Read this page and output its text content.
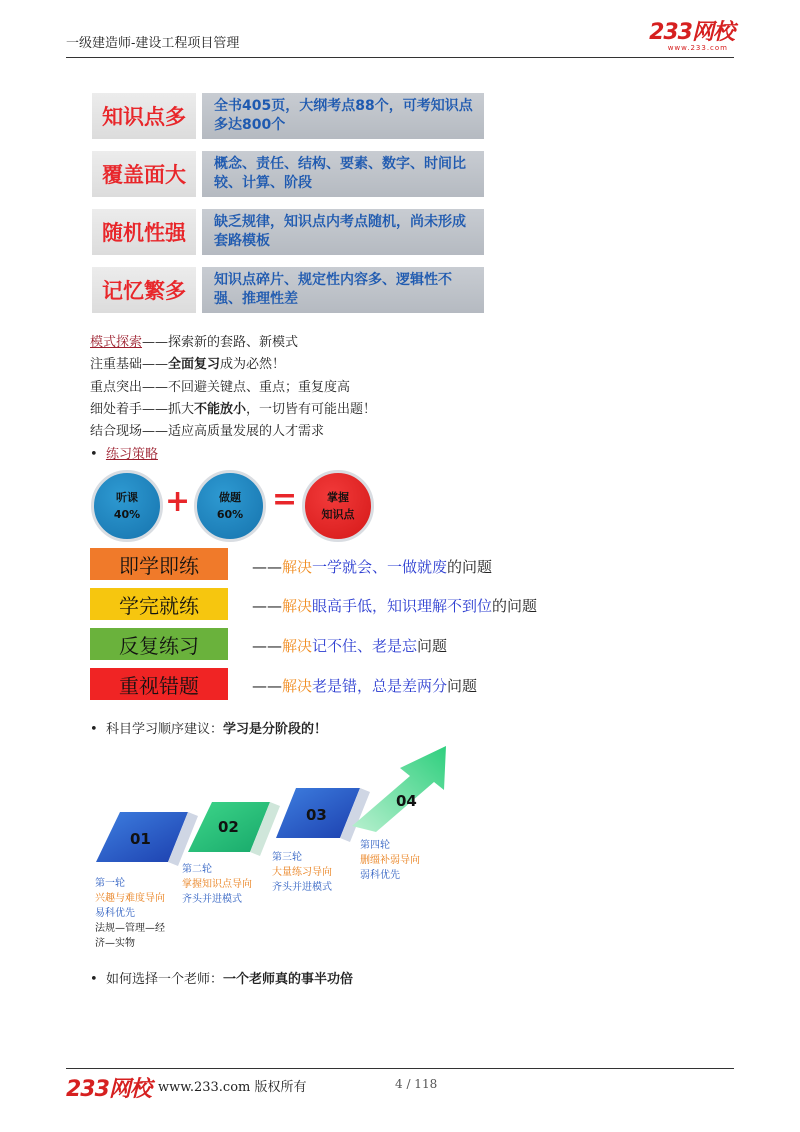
一级建造师-建设工程项目管理	233网校
www.233.com
知识点多	全书405页，大纲考点88个，可考知识点多达800个
覆盖面大	概念、责任、结构、要素、数字、时间比较、计算、阶段
随机性强	缺乏规律，知识点内考点随机，尚未形成套路模板
记忆繁多	知识点碎片、规定性内容多、逻辑性不强、推理性差
模式探索——探索新的套路、新模式
注重基础——全面复习成为必然！
重点突出——不回避关键点、重点；重复度高
细处着手——抓大不能放小，一切皆有可能出题！
结合现场——适应高质量发展的人才需求
• 练习策略
听课
40% +	做题
60% =	掌握
知识点
即学即练	——解决一学就会、一做就废的问题
学完就练	——解决眼高手低，知识理解不到位的问题
反复练习	——解决记不住、老是忘问题
重视错题	——解决老是错，总是差两分问题
• 科目学习顺序建议：学习是分阶段的！
01
02
03
04
第一轮
兴趣与难度导向
易科优先
法规—管理—经
济—实物
第二轮
掌握知识点导向
齐头并进模式
第三轮
大量练习导向
齐头并进模式
第四轮
删缰补弱导向
弱科优先
• 如何选择一个老师：一个老师真的事半功倍
233网校 www.233.com 版权所有	4 / 118
